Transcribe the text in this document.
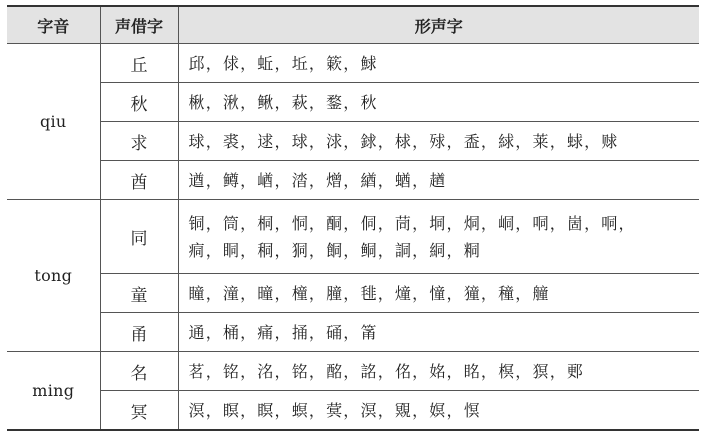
字音	声借字	形声字
qiu	丘	邱，俅，蚯，坵，簌，鯄
	秋	楸，湫，鳅，萩，鍪，秋
	求	球，裘，逑，球，浗，銶，梂，殏，盉，絿，莱，蛷，赇
	酋	遒，鳟，崷，涾，熷，緧，蝤，趥
tong	同	铜，筒，桐，恫，酮，侗，茼，垌，烔，峒，哃，崮，哃，
痌，眮，秱，狪，餇，鲖，詷，絧，粡
	童	瞳，潼，曈，橦，膧，毴，燑，憧，獞，穜，艟
	甬	通，桶，痛，捅，硧，筩
ming	名	茗，铭，洺，铭，酩，詺，佲，姳，眳，榠，猽，郠
	冥	溟，瞑，瞑，螟，蓂，溟，覭，嫇，慏
